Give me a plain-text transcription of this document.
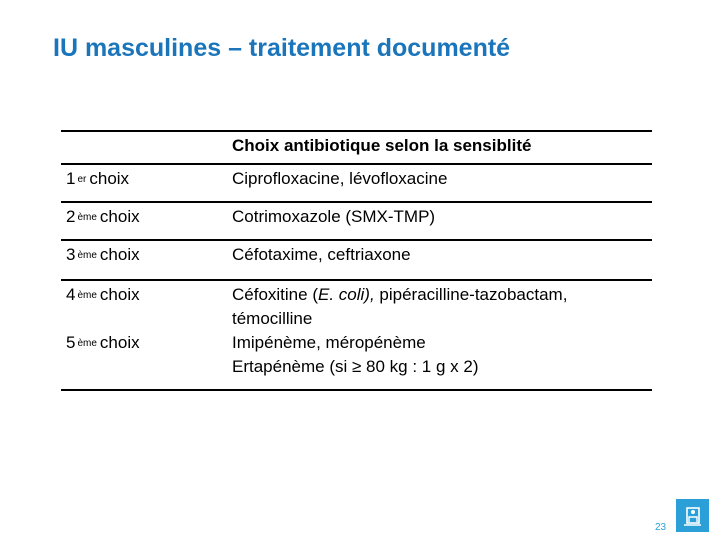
IU masculines – traitement documenté
Choix antibiotique selon la sensiblité
1 $^{er}$ choix	Ciprofloxacine, lévofloxacine
2 $^{ème}$ choix	Cotrimoxazole (SMX-TMP)
3 $^{ème}$ choix	Céfotaxime, ceftriaxone
4 $^{ème}$ choix	Céfoxitine (E. coli), pipéracilline-tazobactam,
témocilline
5 $^{ème}$ choix	Imipénème, méropénème
Ertapénème (si ≥ 80 kg : 1 g x 2)
23
